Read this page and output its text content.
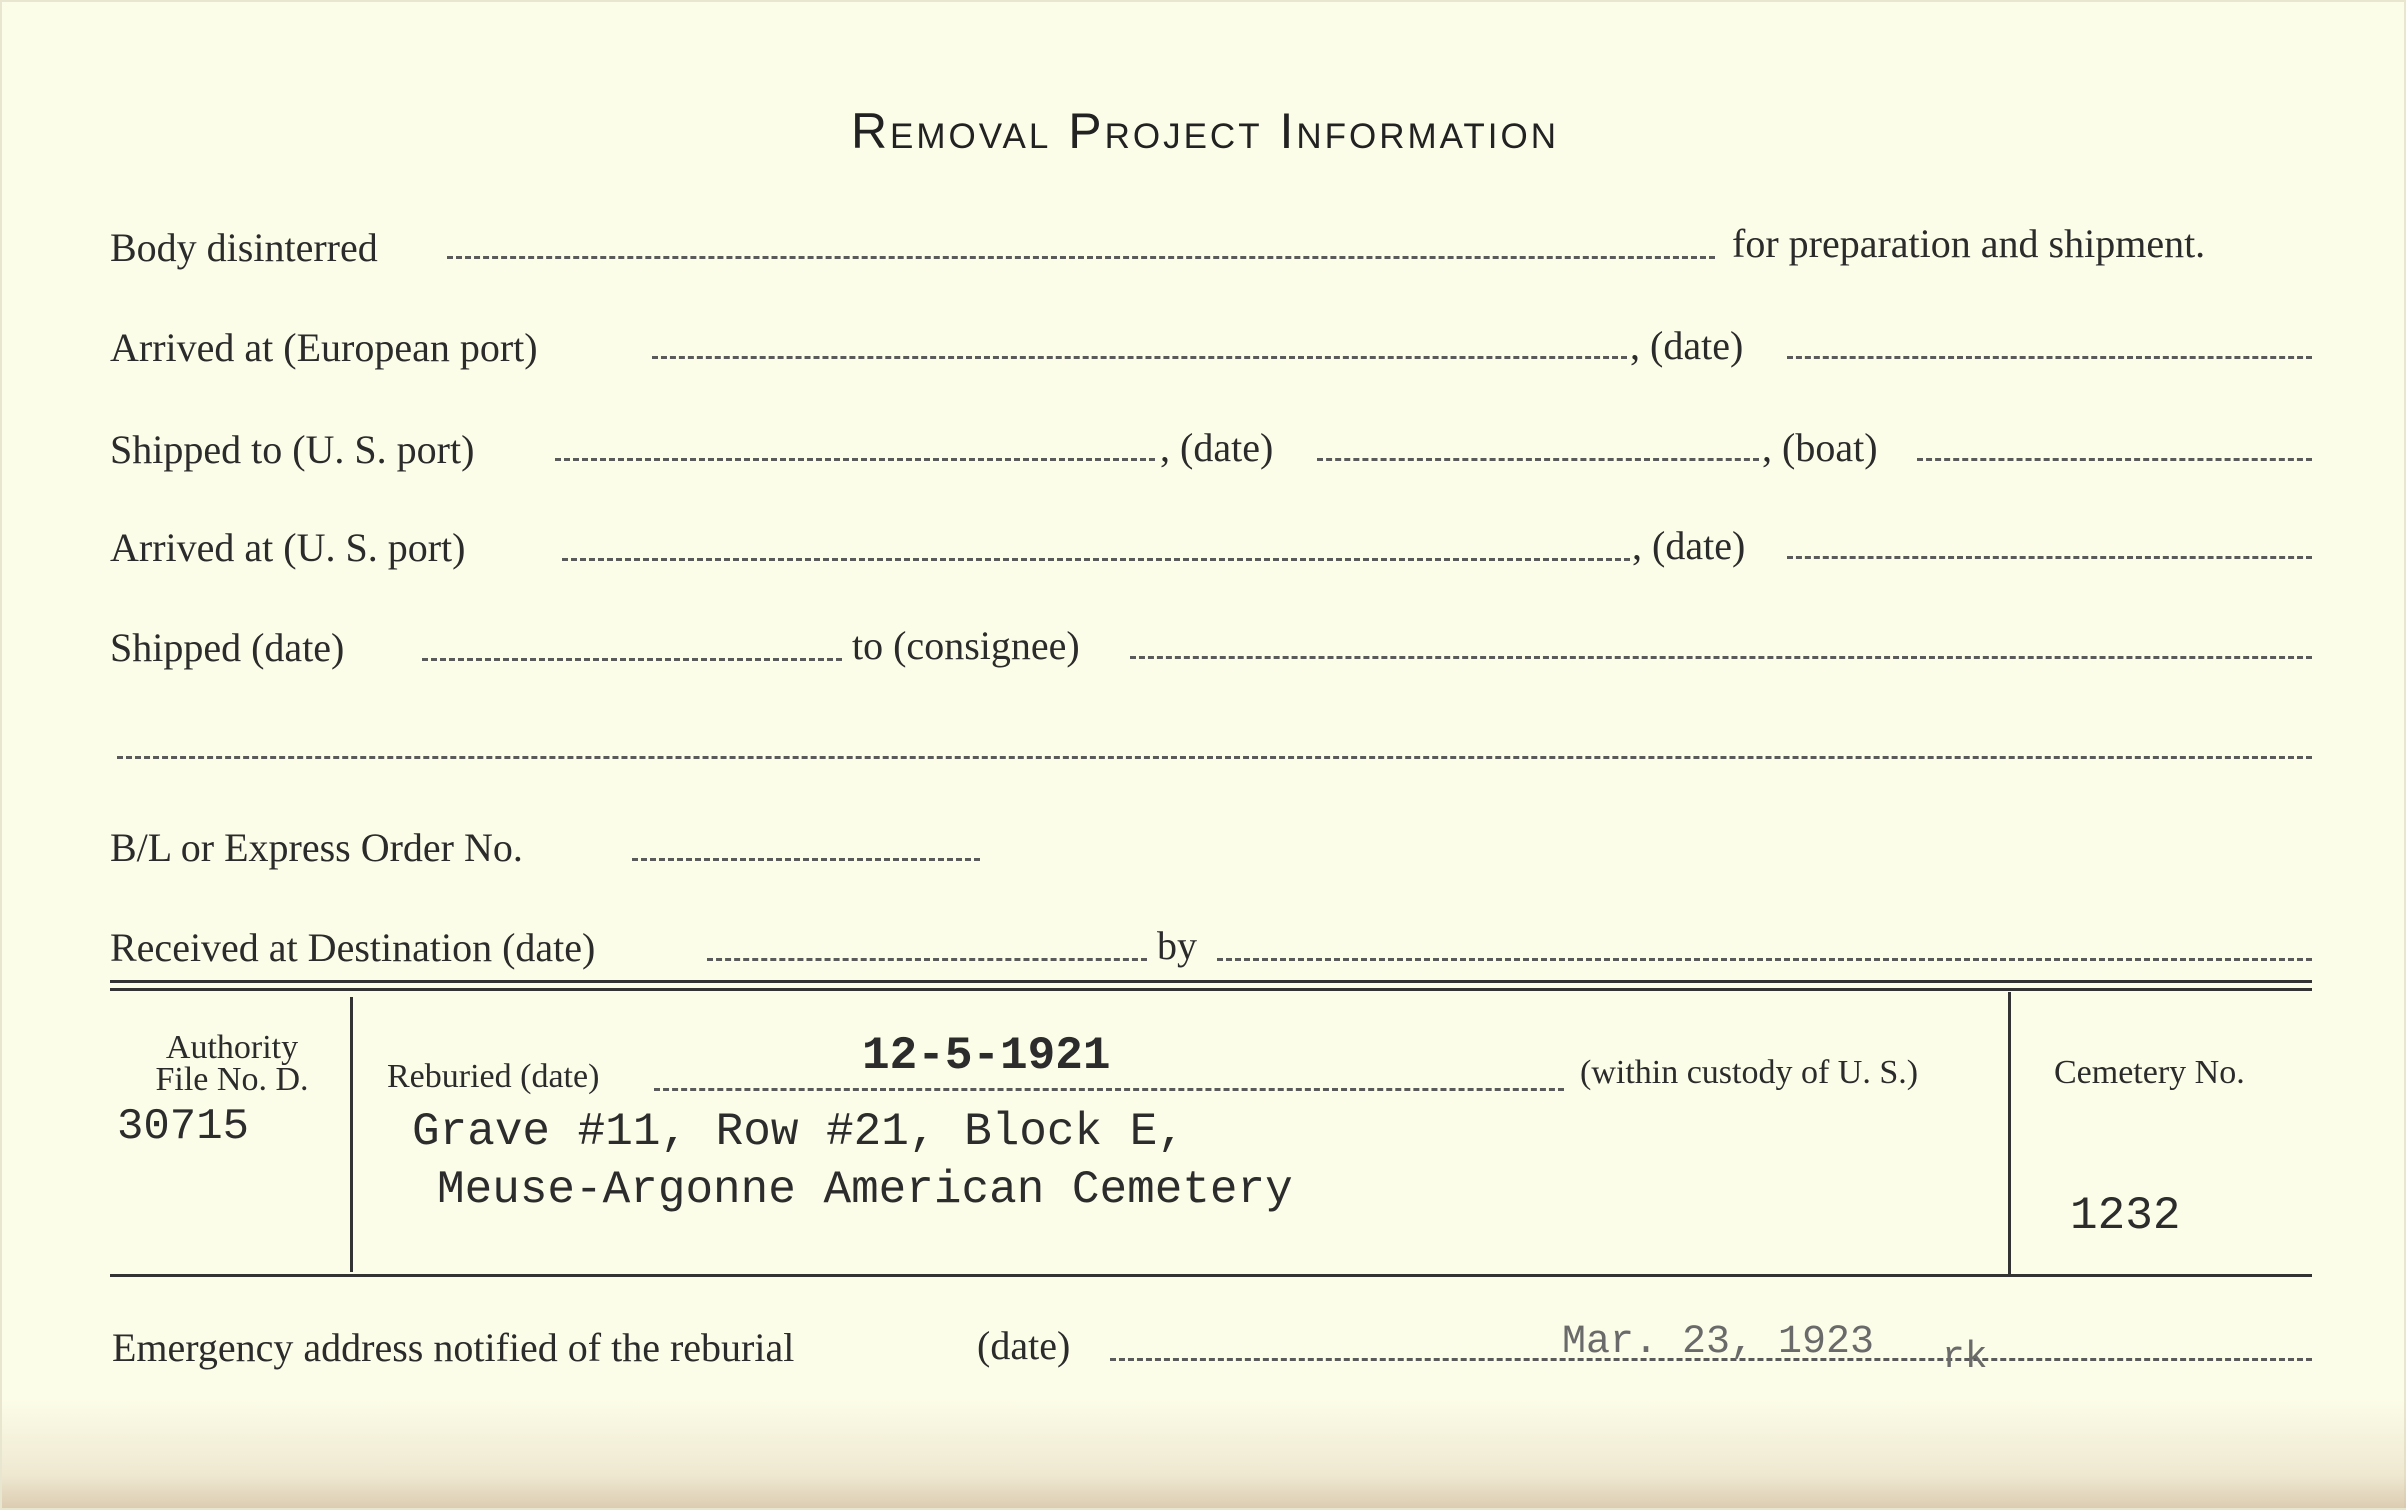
Removal Project Information
Body disinterred	for preparation and shipment.
Arrived at (European port)	, (date)
Shipped to (U. S. port)	, (date)	, (boat)
Arrived at (U. S. port)	, (date)
Shipped (date)	to (consignee)
B/L or Express Order No.
Received at Destination (date)	by
Authority
File No. D.
30715
Reburied (date)	12-5-1921	(within custody of U. S.)
Grave #11, Row #21, Block E,
Meuse-Argonne American Cemetery
Cemetery No.
1232
Emergency address notified of the reburial	(date)	Mar. 23, 1923 rk
